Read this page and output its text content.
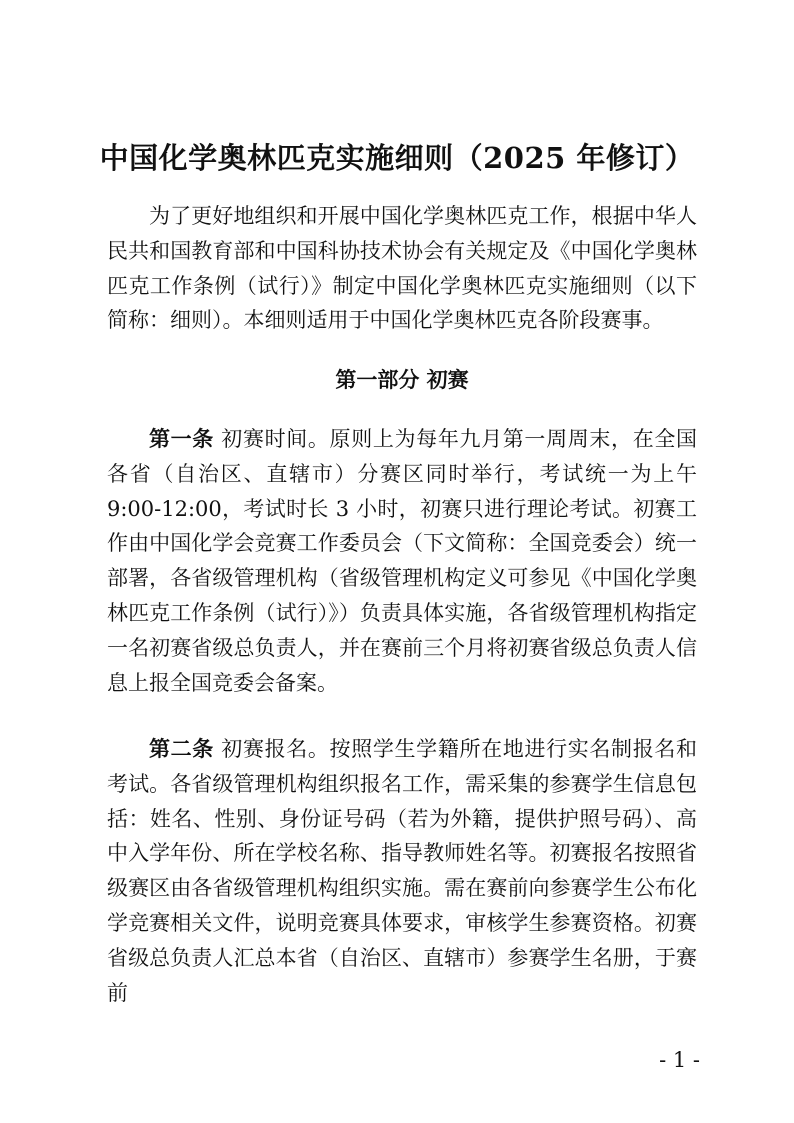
中国化学奥林匹克实施细则（2025 年修订）

为了更好地组织和开展中国化学奥林匹克工作，根据中华人民共和国教育部和中国科协技术协会有关规定及《中国化学奥林匹克工作条例（试行）》制定中国化学奥林匹克实施细则（以下简称：细则）。本细则适用于中国化学奥林匹克各阶段赛事。

第一部分 初赛

第一条 初赛时间。原则上为每年九月第一周周末，在全国各省（自治区、直辖市）分赛区同时举行，考试统一为上午 9:00-12:00，考试时长 3 小时，初赛只进行理论考试。初赛工作由中国化学会竞赛工作委员会（下文简称：全国竞委会）统一部署，各省级管理机构（省级管理机构定义可参见《中国化学奥林匹克工作条例（试行）》）负责具体实施，各省级管理机构指定一名初赛省级总负责人，并在赛前三个月将初赛省级总负责人信息上报全国竞委会备案。

第二条 初赛报名。按照学生学籍所在地进行实名制报名和考试。各省级管理机构组织报名工作，需采集的参赛学生信息包括：姓名、性别、身份证号码（若为外籍，提供护照号码）、高中入学年份、所在学校名称、指导教师姓名等。初赛报名按照省级赛区由各省级管理机构组织实施。需在赛前向参赛学生公布化学竞赛相关文件，说明竞赛具体要求，审核学生参赛资格。初赛省级总负责人汇总本省（自治区、直辖市）参赛学生名册，于赛前

- 1 -
